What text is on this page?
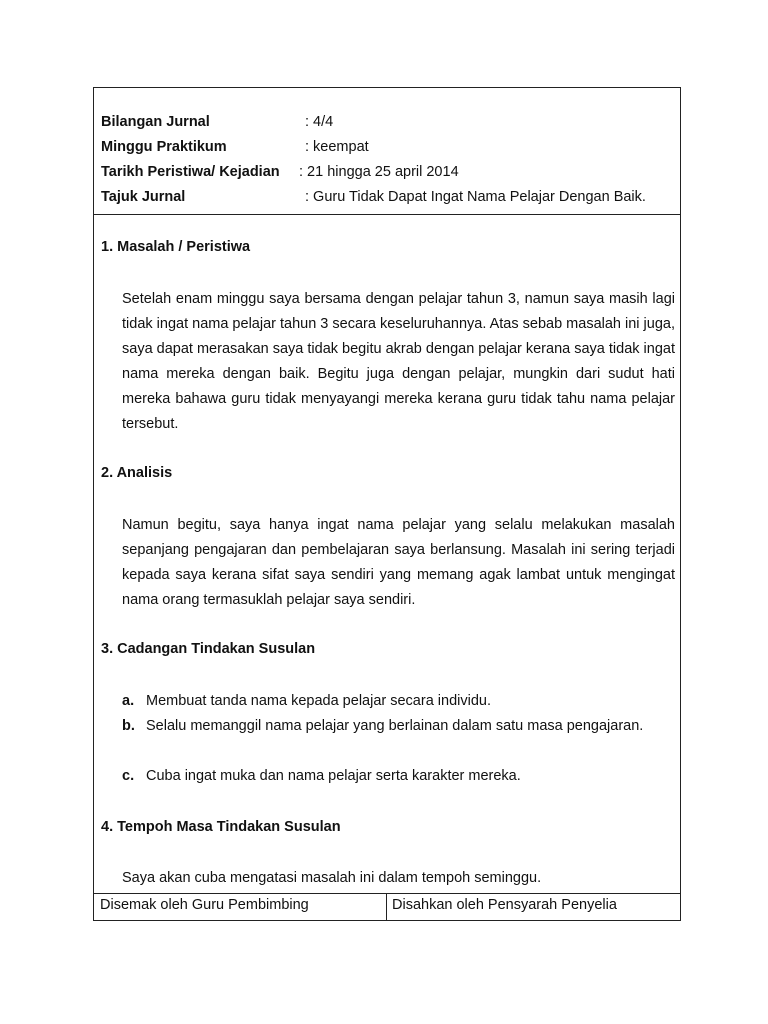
Bilangan Jurnal	: 4/4
Minggu Praktikum	: keempat
Tarikh Peristiwa/ Kejadian	: 21 hingga 25 april 2014
Tajuk Jurnal	: Guru Tidak Dapat Ingat Nama Pelajar Dengan Baik.
1. Masalah / Peristiwa
Setelah enam minggu saya bersama dengan pelajar tahun 3, namun saya masih lagi tidak ingat nama pelajar tahun 3 secara keseluruhannya. Atas sebab masalah ini juga, saya dapat merasakan saya tidak begitu akrab dengan pelajar kerana saya tidak ingat nama mereka dengan baik. Begitu juga dengan pelajar, mungkin dari sudut hati mereka bahawa guru tidak menyayangi mereka kerana guru tidak tahu nama pelajar tersebut.
2. Analisis
Namun begitu, saya hanya ingat nama pelajar yang selalu melakukan masalah sepanjang pengajaran dan pembelajaran saya berlansung. Masalah ini sering terjadi kepada saya kerana sifat saya sendiri yang memang agak lambat untuk mengingat nama orang termasuklah pelajar saya sendiri.
3. Cadangan Tindakan Susulan
a. Membuat tanda nama kepada pelajar secara individu.
b. Selalu memanggil nama pelajar yang berlainan dalam satu masa pengajaran.
c. Cuba ingat muka dan nama pelajar serta karakter mereka.
4. Tempoh Masa Tindakan Susulan
Saya akan cuba mengatasi masalah ini dalam tempoh seminggu.
Disemak oleh Guru Pembimbing	Disahkan oleh Pensyarah Penyelia
